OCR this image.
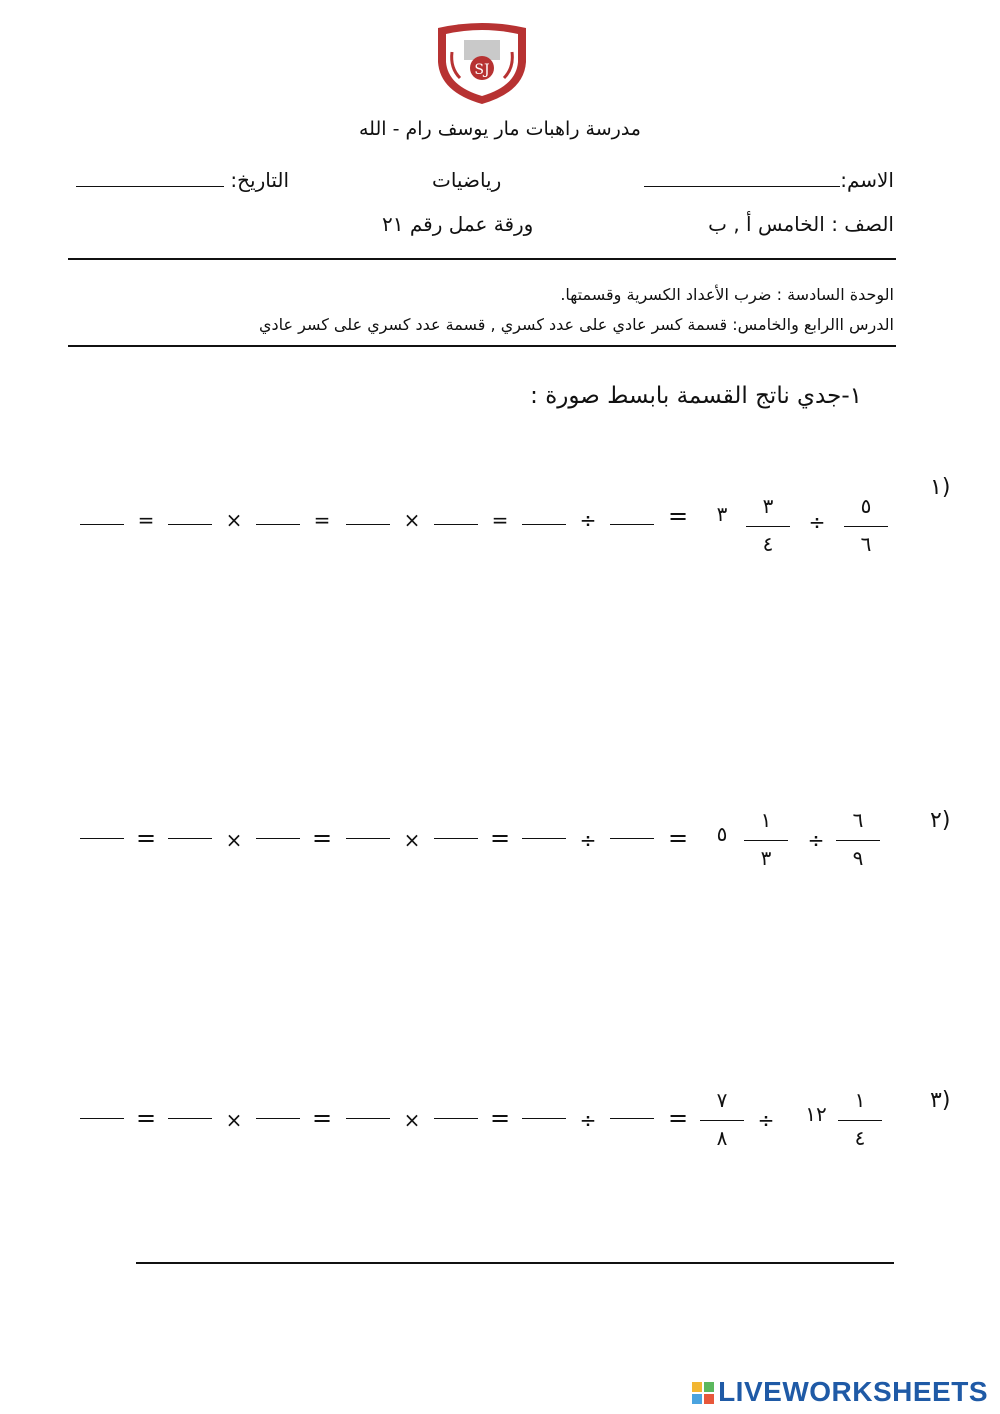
SJ
مدرسة راهبات مار يوسف رام - الله
الاسم:
رياضيات
التاريخ:
الصف : الخامس أ , ب
ورقة عمل رقم ٢١
الوحدة السادسة : ضرب الأعداد الكسرية وقسمتها.
الدرس االرابع والخامس: قسمة كسر عادي على عدد كسري , قسمة عدد كسري على كسر عادي
١-جدي ناتج القسمة بابسط صورة :
١)
٥
٦
÷
٣
٤
٣
=
÷
=
×
=
×
=
٢)
٦
٩
÷
١
٣
٥
=
÷
=
×
=
×
=
٣)
١
٤
١٢
÷
٧
٨
=
÷
=
×
=
×
=
LIVEWORKSHEETS
